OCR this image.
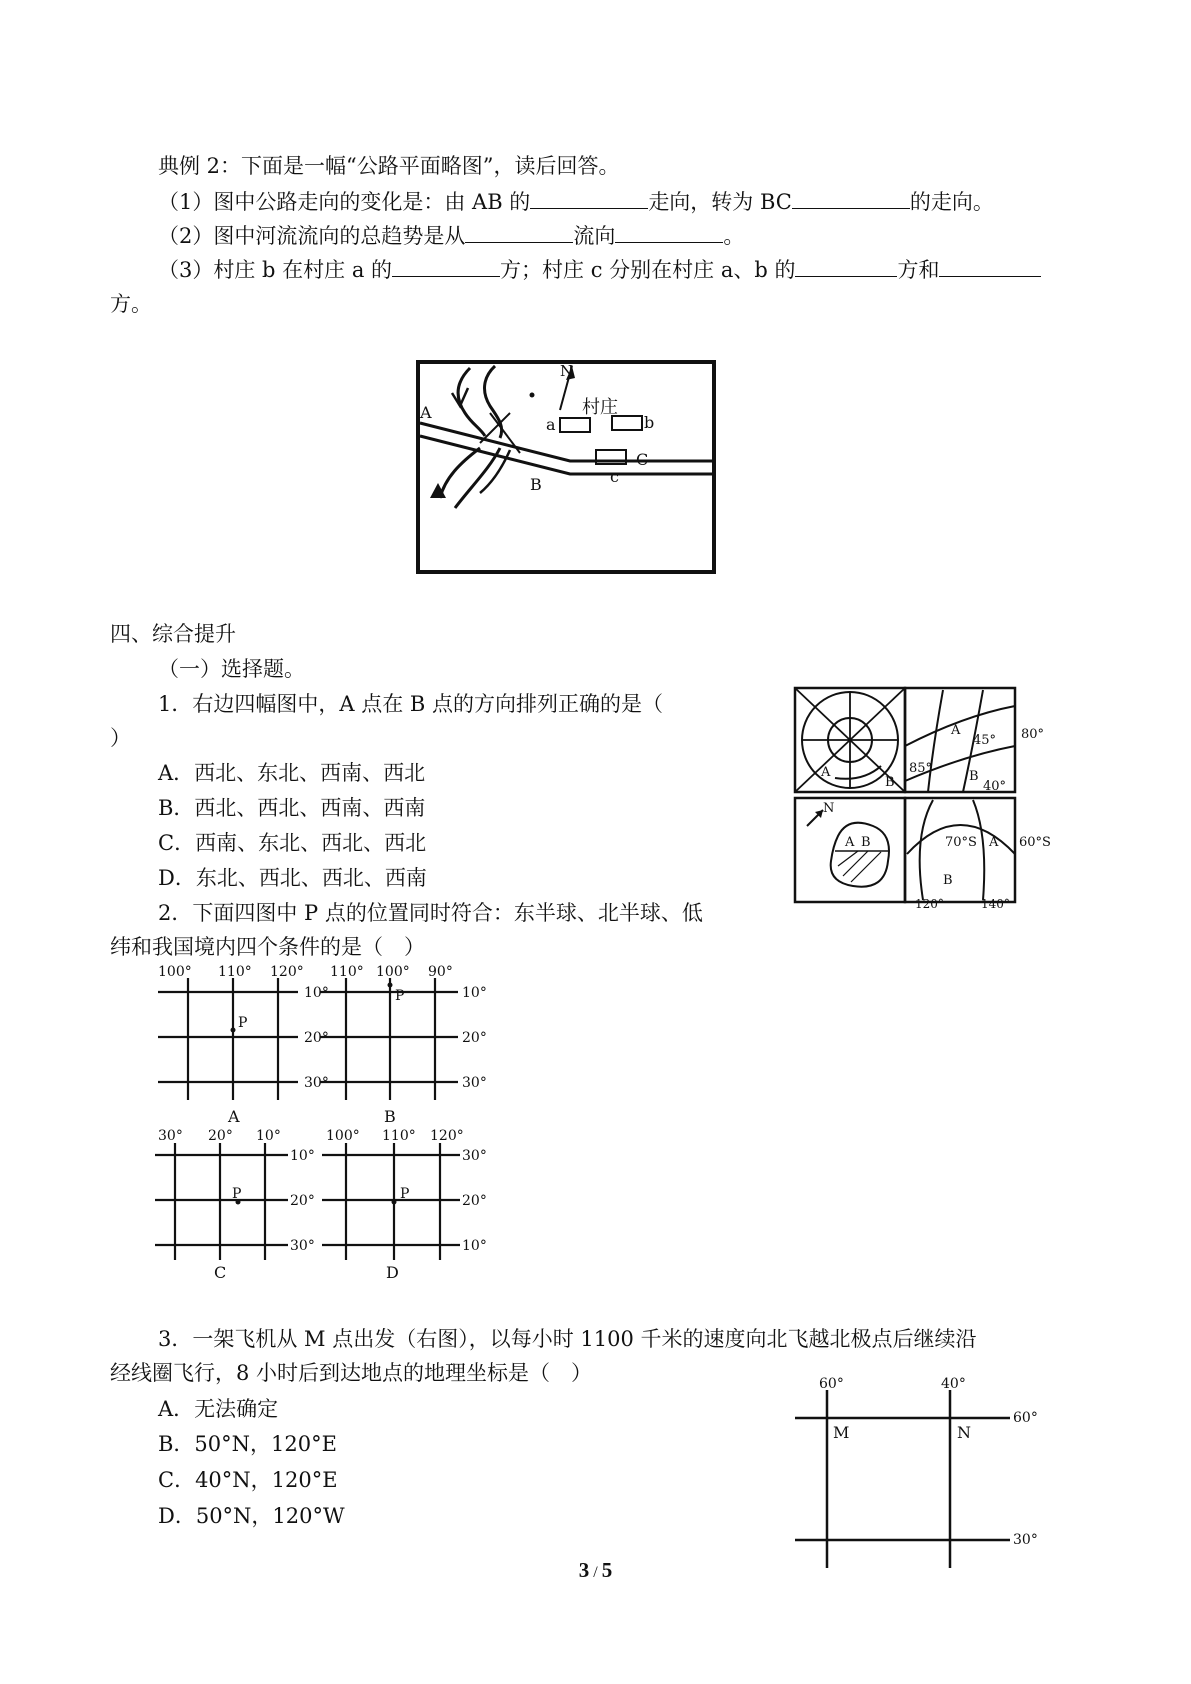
典例 2：下面是一幅“公路平面略图”，读后回答。
（1）图中公路走向的变化是：由 AB 的	走向，转为 BC	的走向。
（2）图中河流流向的总趋势是从	流向	。
（3）村庄 b 在村庄 a 的	方；村庄 c 分别在村庄 a、b 的	方和
方。
N
村庄
a	b
c
A
B
C
四、综合提升
（一）选择题。
1．右边四幅图中，A 点在 B 点的方向排列正确的是（
）
A．西北、东北、西南、西北
B．西北、西北、西南、西南
C．西南、东北、西北、西北
D．东北、西北、西北、西南
2．下面四图中 P 点的位置同时符合：东半球、北半球、低
纬和我国境内四个条件的是（　）
A
B
A
45° 80°
85°
B
40°
N
A B	70°S A 60°S
B
120°	140°
100° 110° 120°
10°
20°
30°
P
A
110° 100° 90°
10°
20°
30°
P
B
30° 20° 10°
10°
20°
30°
P
C
100° 110° 120°
30°
20°
10°
P
D
3．一架飞机从 M 点出发（右图），以每小时 1100 千米的速度向北飞越北极点后继续沿
经线圈飞行，8 小时后到达地点的地理坐标是（　）
A．无法确定
B．50°N，120°E
C．40°N，120°E
D．50°N，120°W
60°	40°
60°
30°
M	N
3 / 5
